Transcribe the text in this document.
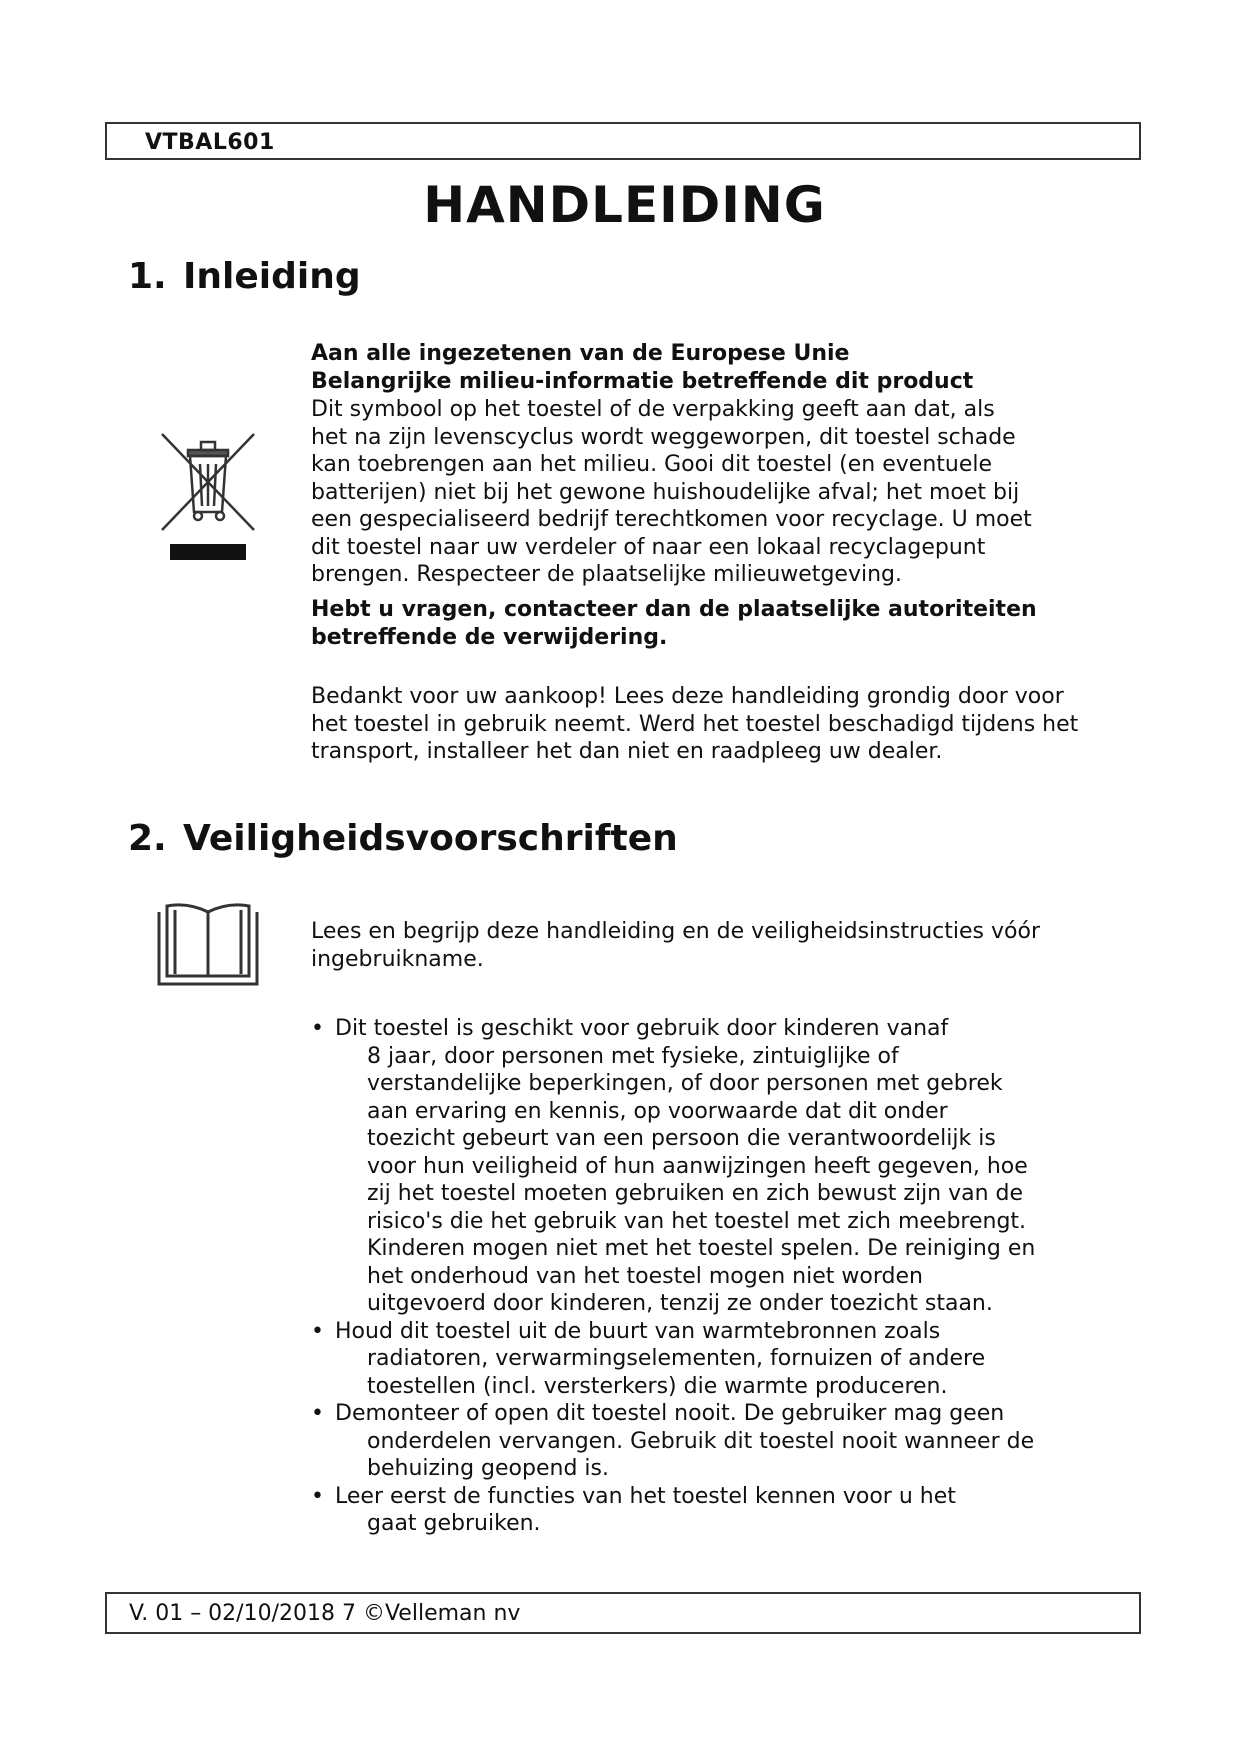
VTBAL601
HANDLEIDING
1. Inleiding
Aan alle ingezetenen van de Europese Unie
Belangrijke milieu-informatie betreffende dit product
Dit symbool op het toestel of de verpakking geeft aan dat, als
het na zijn levenscyclus wordt weggeworpen, dit toestel schade
kan toebrengen aan het milieu. Gooi dit toestel (en eventuele
batterijen) niet bij het gewone huishoudelijke afval; het moet bij
een gespecialiseerd bedrijf terechtkomen voor recyclage. U moet
dit toestel naar uw verdeler of naar een lokaal recyclagepunt
brengen. Respecteer de plaatselijke milieuwetgeving.
Hebt u vragen, contacteer dan de plaatselijke autoriteiten
betreffende de verwijdering.
Bedankt voor uw aankoop! Lees deze handleiding grondig door voor
het toestel in gebruik neemt. Werd het toestel beschadigd tijdens het
transport, installeer het dan niet en raadpleeg uw dealer.
2. Veiligheidsvoorschriften
Lees en begrijp deze handleiding en de veiligheidsinstructies vóór
ingebruikname.
• Dit toestel is geschikt voor gebruik door kinderen vanaf
8 jaar, door personen met fysieke, zintuiglijke of
verstandelijke beperkingen, of door personen met gebrek
aan ervaring en kennis, op voorwaarde dat dit onder
toezicht gebeurt van een persoon die verantwoordelijk is
voor hun veiligheid of hun aanwijzingen heeft gegeven, hoe
zij het toestel moeten gebruiken en zich bewust zijn van de
risico's die het gebruik van het toestel met zich meebrengt.
Kinderen mogen niet met het toestel spelen. De reiniging en
het onderhoud van het toestel mogen niet worden
uitgevoerd door kinderen, tenzij ze onder toezicht staan.
• Houd dit toestel uit de buurt van warmtebronnen zoals
radiatoren, verwarmingselementen, fornuizen of andere
toestellen (incl. versterkers) die warmte produceren.
• Demonteer of open dit toestel nooit. De gebruiker mag geen
onderdelen vervangen. Gebruik dit toestel nooit wanneer de
behuizing geopend is.
• Leer eerst de functies van het toestel kennen voor u het
gaat gebruiken.
V. 01 – 02/10/2018 7 ©Velleman nv
